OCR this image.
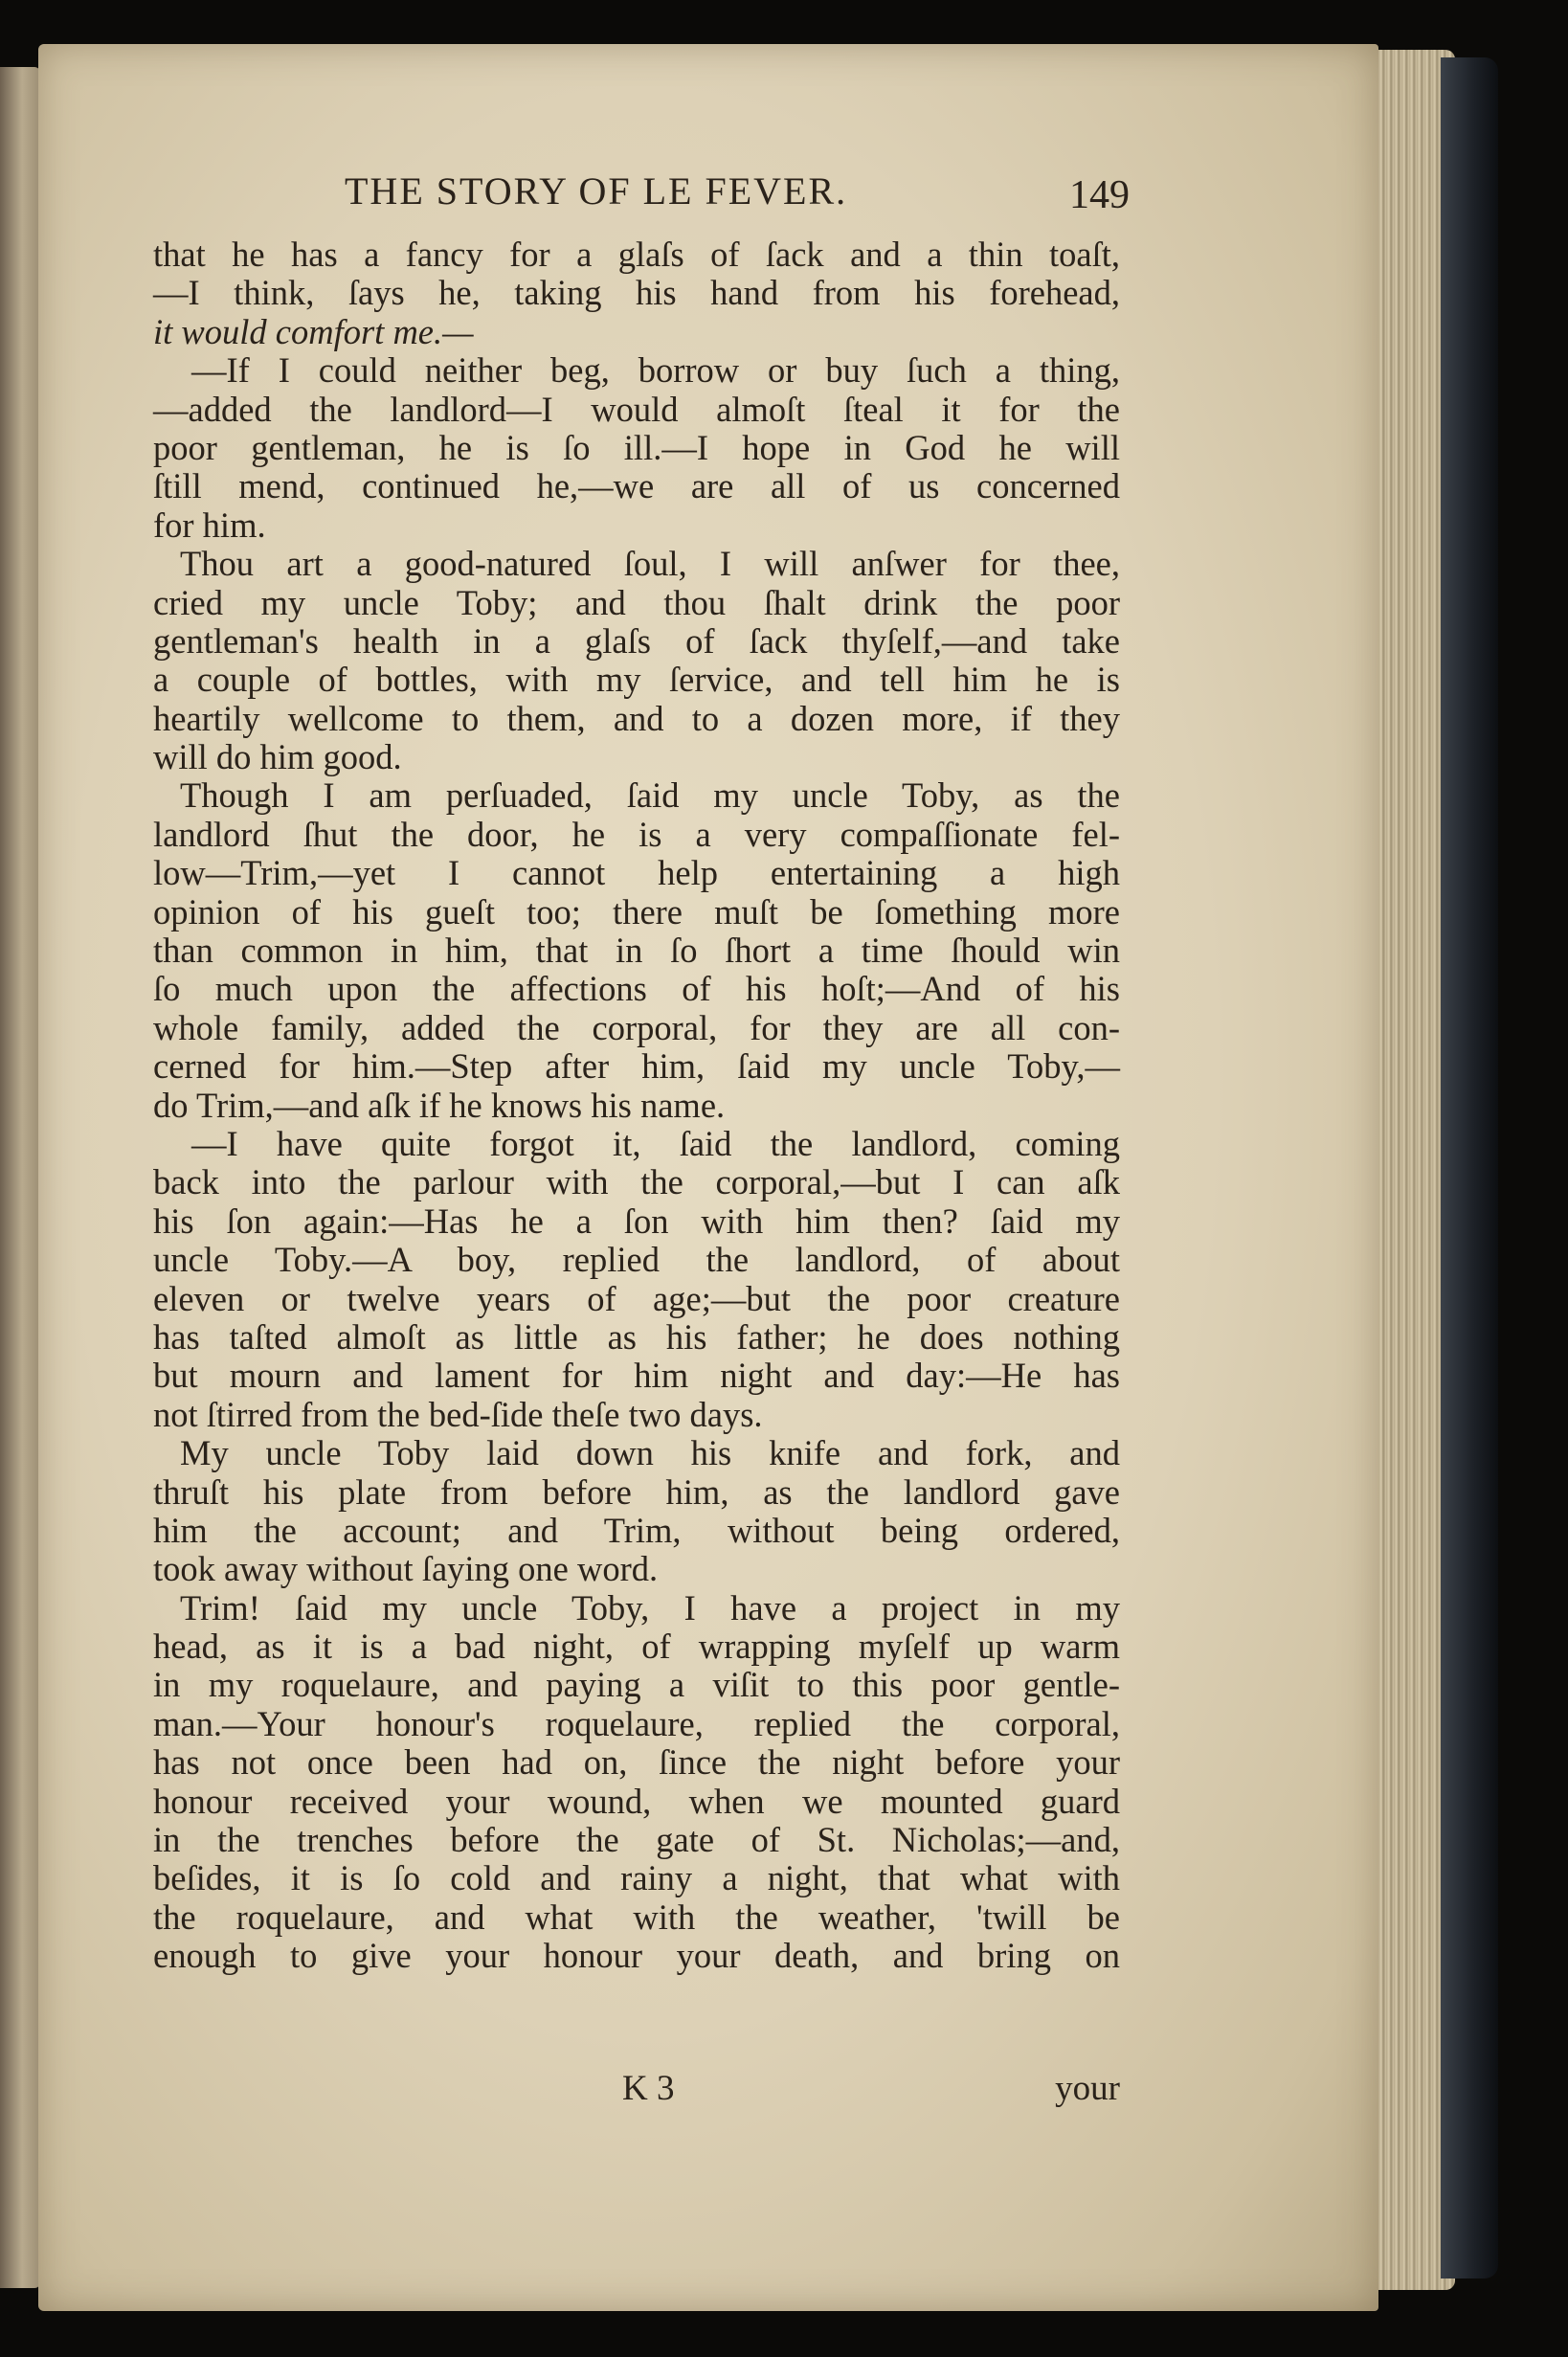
THE STORY OF LE FEVER.	149
that he has a fancy for a glaſs of ſack and a thin toaſt,
—I think, ſays he, taking his hand from his forehead,
it would comfort me.—
—If I could neither beg, borrow or buy ſuch a thing,
—added the landlord—I would almoſt ſteal it for the
poor gentleman, he is ſo ill.—I hope in God he will
ſtill mend, continued he,—we are all of us concerned
for him.
Thou art a good-natured ſoul, I will anſwer for thee,
cried my uncle Toby; and thou ſhalt drink the poor
gentleman's health in a glaſs of ſack thyſelf,—and take
a couple of bottles, with my ſervice, and tell him he is
heartily wellcome to them, and to a dozen more, if they
will do him good.
Though I am perſuaded, ſaid my uncle Toby, as the
landlord ſhut the door, he is a very compaſſionate fel-
low—Trim,—yet I cannot help entertaining a high
opinion of his gueſt too; there muſt be ſomething more
than common in him, that in ſo ſhort a time ſhould win
ſo much upon the affections of his hoſt;—And of his
whole family, added the corporal, for they are all con-
cerned for him.—Step after him, ſaid my uncle Toby,—
do Trim,—and aſk if he knows his name.
—I have quite forgot it, ſaid the landlord, coming
back into the parlour with the corporal,—but I can aſk
his ſon again:—Has he a ſon with him then? ſaid my
uncle Toby.—A boy, replied the landlord, of about
eleven or twelve years of age;—but the poor creature
has taſted almoſt as little as his father; he does nothing
but mourn and lament for him night and day:—He has
not ſtirred from the bed-ſide theſe two days.
My uncle Toby laid down his knife and fork, and
thruſt his plate from before him, as the landlord gave
him the account; and Trim, without being ordered,
took away without ſaying one word.
Trim! ſaid my uncle Toby, I have a project in my
head, as it is a bad night, of wrapping myſelf up warm
in my roquelaure, and paying a viſit to this poor gentle-
man.—Your honour's roquelaure, replied the corporal,
has not once been had on, ſince the night before your
honour received your wound, when we mounted guard
in the trenches before the gate of St. Nicholas;—and,
beſides, it is ſo cold and rainy a night, that what with
the roquelaure, and what with the weather, 'twill be
enough to give your honour your death, and bring on
K 3	your
